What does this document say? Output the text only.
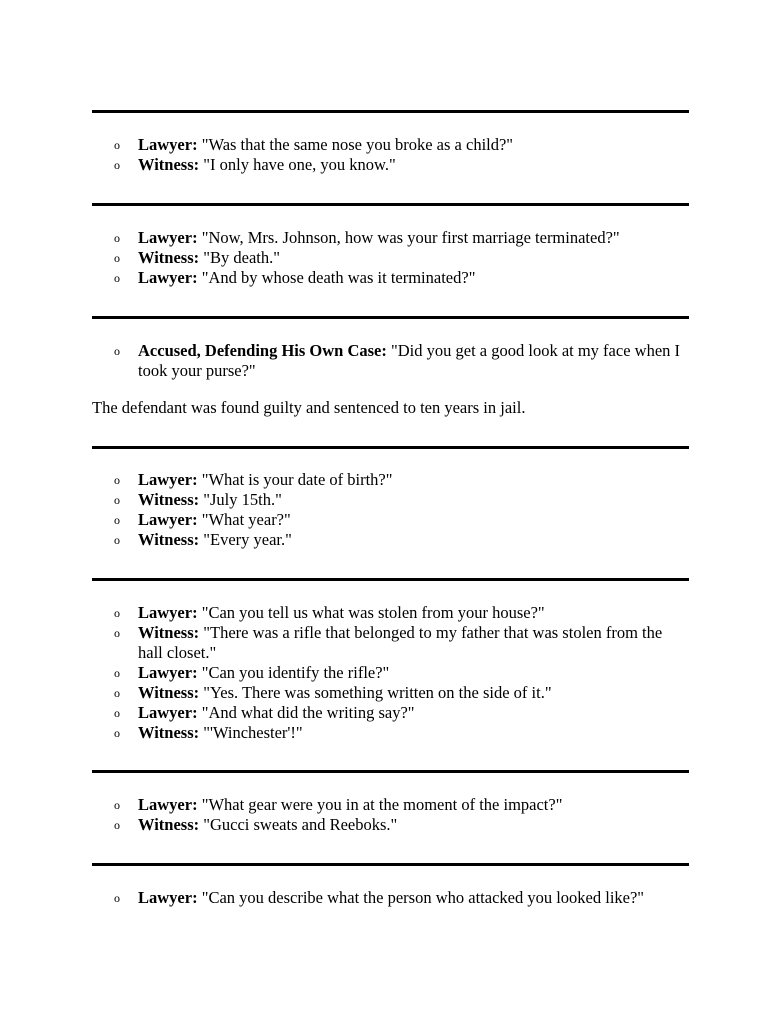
o Lawyer: "Was that the same nose you broke as a child?"
o Witness: "I only have one, you know."
o Lawyer: "Now, Mrs. Johnson, how was your first marriage terminated?"
o Witness: "By death."
o Lawyer: "And by whose death was it terminated?"
o Accused, Defending His Own Case: "Did you get a good look at my face when I took your purse?"

The defendant was found guilty and sentenced to ten years in jail.

o Lawyer: "What is your date of birth?"
o Witness: "July 15th."
o Lawyer: "What year?"
o Witness: "Every year."
o Lawyer: "Can you tell us what was stolen from your house?"
o Witness: "There was a rifle that belonged to my father that was stolen from the hall closet."
o Lawyer: "Can you identify the rifle?"
o Witness: "Yes. There was something written on the side of it."
o Lawyer: "And what did the writing say?"
o Witness: "'Winchester'!"
o Lawyer: "What gear were you in at the moment of the impact?"
o Witness: "Gucci sweats and Reeboks."
o Lawyer: "Can you describe what the person who attacked you looked like?"
